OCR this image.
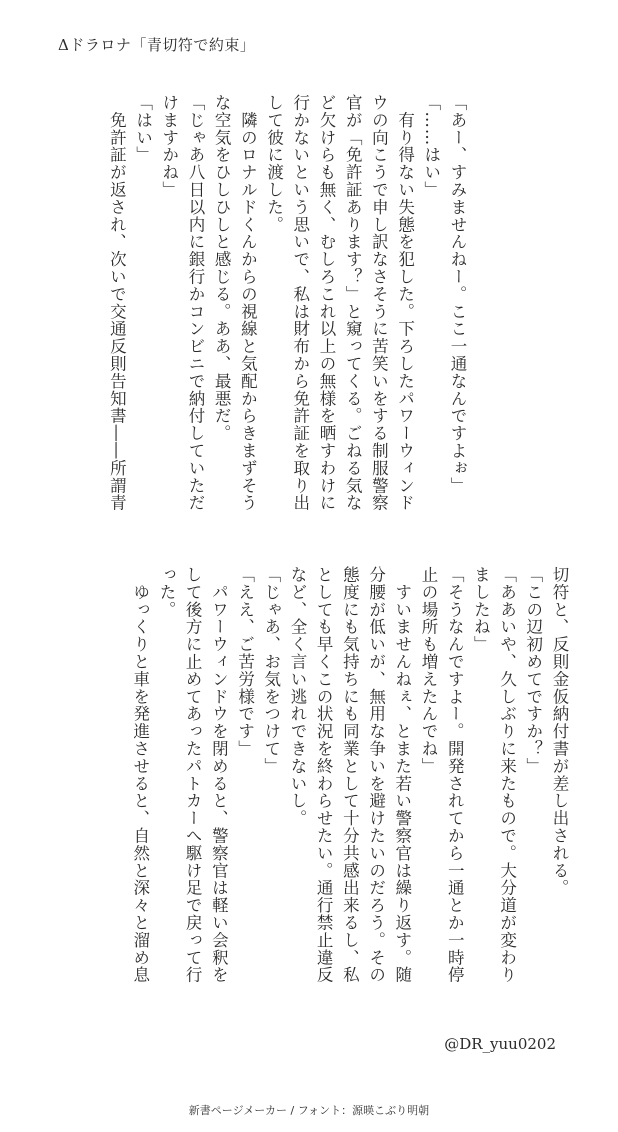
Δドラロナ「青切符で約束」
「あー、すみませんねー。ここ一通なんですよぉ」
「……はい」
　有り得ない失態を犯した。下ろしたパワーウィンド
ウの向こうで申し訳なさそうに苦笑いをする制服警察
官が「免許証あります？」と窺ってくる。ごねる気な
ど欠けらも無く、むしろこれ以上の無様を晒すわけに
行かないという思いで、私は財布から免許証を取り出
して彼に渡した。
　隣のロナルドくんからの視線と気配からきまずそう
な空気をひしひしと感じる。ああ、最悪だ。
「じゃあ八日以内に銀行かコンビニで納付していただ
けますかね」
「はい」
　免許証が返され、次いで交通反則告知書――所謂青
切符と、反則金仮納付書が差し出される。
「この辺初めてですか？」
「ああいや、久しぶりに来たもので。大分道が変わり
ましたね」
「そうなんですよー。開発されてから一通とか一時停
止の場所も増えたんでね」
　すいませんねぇ、とまた若い警察官は繰り返す。随
分腰が低いが、無用な争いを避けたいのだろう。その
態度にも気持ちにも同業として十分共感出来るし、私
としても早くこの状況を終わらせたい。通行禁止違反
など、全く言い逃れできないし。
「じゃあ、お気をつけて」
「ええ、ご苦労様です」
　パワーウィンドウを閉めると、警察官は軽い会釈を
して後方に止めてあったパトカーへ駆け足で戻って行
った。
　ゆっくりと車を発進させると、自然と深々と溜め息
@DR_yuu0202
新書ページメーカー / フォント：源暎こぶり明朝
